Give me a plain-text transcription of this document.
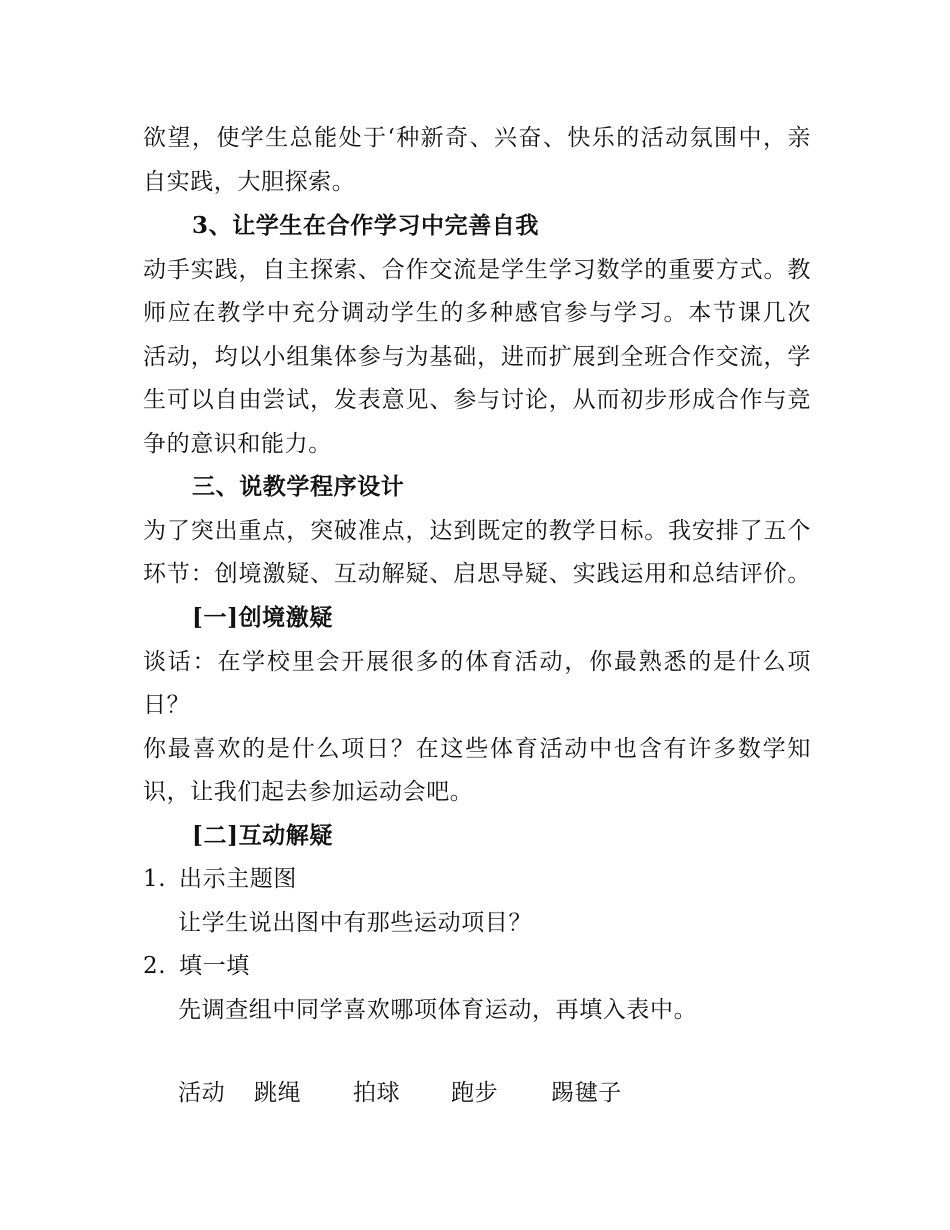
欲望，使学生总能处于‘种新奇、兴奋、快乐的活动氛围中，亲
自实践，大胆探索。
3、让学生在合作学习中完善自我
动手实践，自主探索、合作交流是学生学习数学的重要方式。教
师应在教学中充分调动学生的多种感官参与学习。本节课几次
活动，均以小组集体参与为基础，进而扩展到全班合作交流，学
生可以自由尝试，发表意见、参与讨论，从而初步形成合作与竞
争的意识和能力。
三、说教学程序设计
为了突出重点，突破准点，达到既定的教学日标。我安排了五个
环节：创境激疑、互动解疑、启思导疑、实践运用和总结评价。
[一]创境激疑
谈话：在学校里会开展很多的体育活动，你最熟悉的是什么项
日？
你最喜欢的是什么项日？在这些体育活动中也含有许多数学知
识，让我们起去参加运动会吧。
[二]互动解疑
1. 出示主题图
让学生说出图中有那些运动项目？
2. 填一填
先调查组中同学喜欢哪项体育运动，再填入表中。
活动 跳绳 拍球 跑步 踢毽子
